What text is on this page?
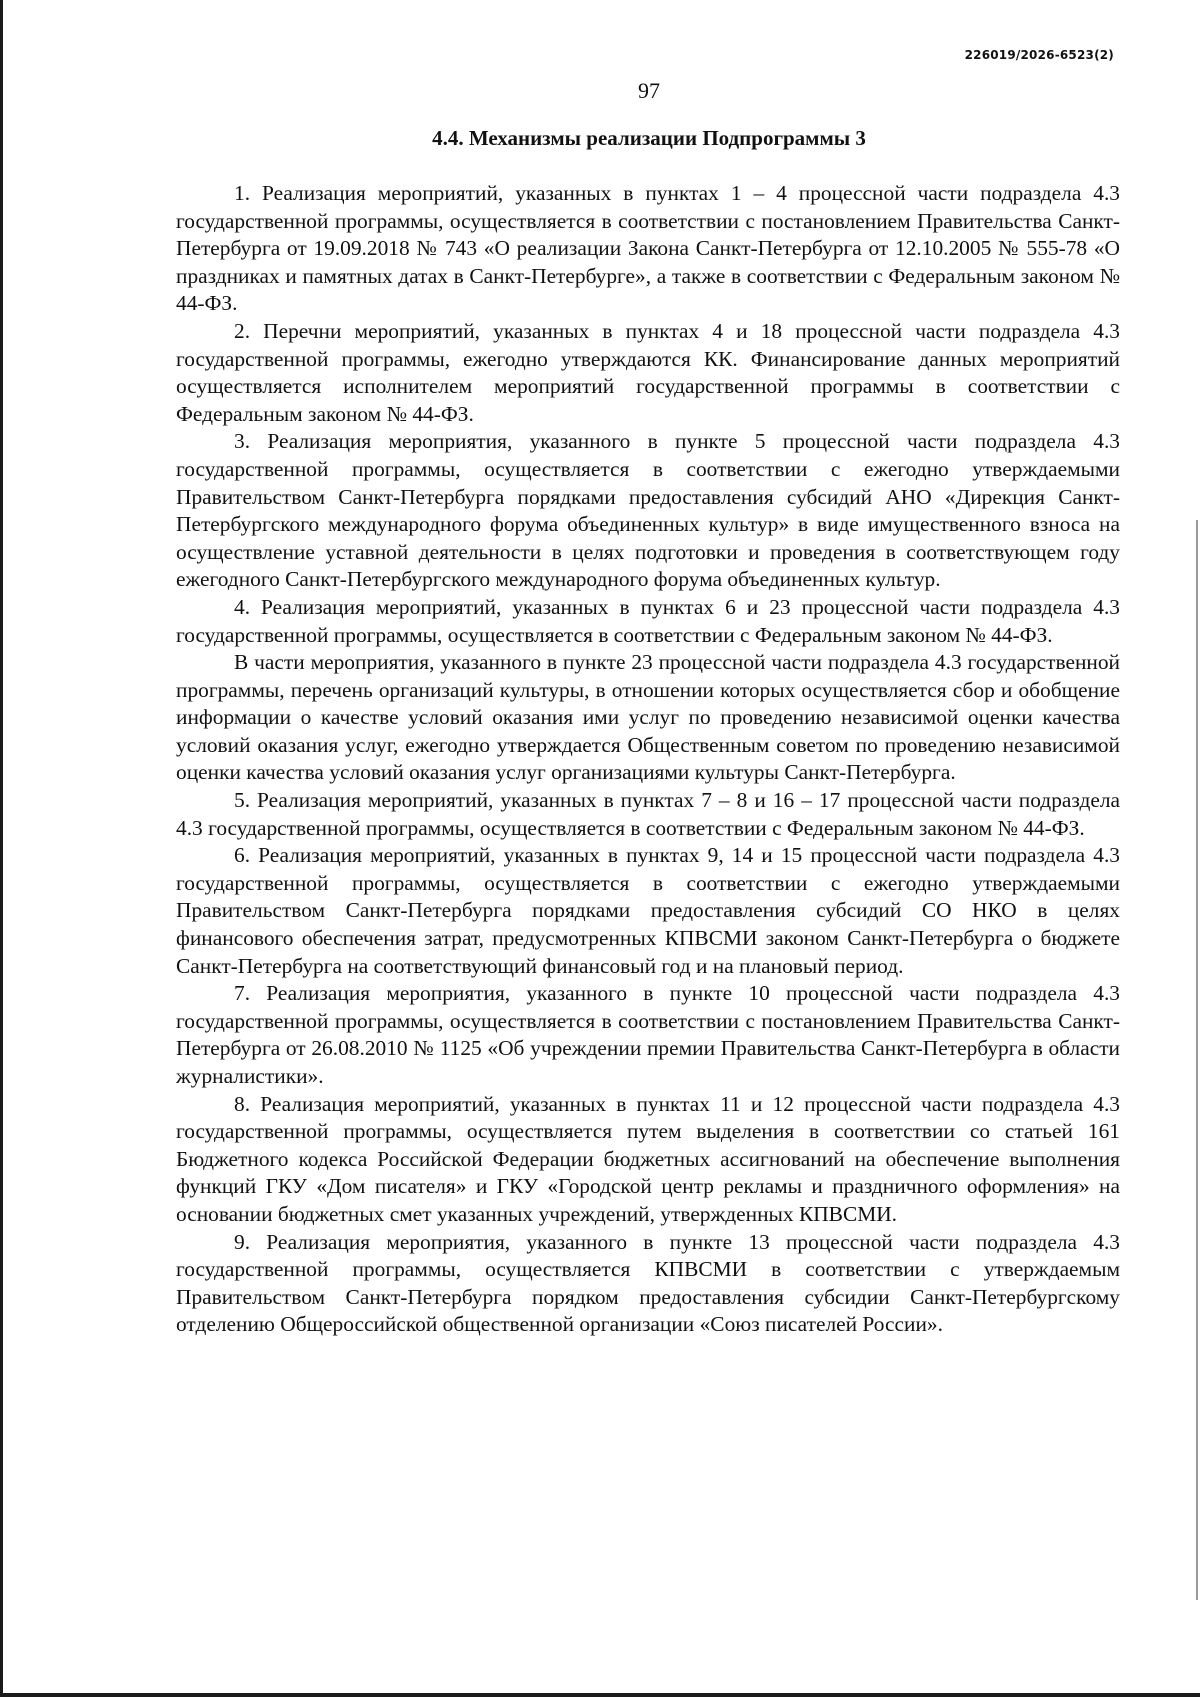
226019/2026-6523(2)
97
4.4. Механизмы реализации Подпрограммы 3

1. Реализация мероприятий, указанных в пунктах 1 – 4 процессной части подраздела 4.3 государственной программы, осуществляется в соответствии с постановлением Правительства Санкт-Петербурга от 19.09.2018 № 743 «О реализации Закона Санкт-Петербурга от 12.10.2005 № 555-78 «О праздниках и памятных датах в Санкт-Петербурге», а также в соответствии с Федеральным законом № 44-ФЗ.

2. Перечни мероприятий, указанных в пунктах 4 и 18 процессной части подраздела 4.3 государственной программы, ежегодно утверждаются КК. Финансирование данных мероприятий осуществляется исполнителем мероприятий государственной программы в соответствии с Федеральным законом № 44-ФЗ.

3. Реализация мероприятия, указанного в пункте 5 процессной части подраздела 4.3 государственной программы, осуществляется в соответствии с ежегодно утверждаемыми Правительством Санкт-Петербурга порядками предоставления субсидий АНО «Дирекция Санкт-Петербургского международного форума объединенных культур» в виде имущественного взноса на осуществление уставной деятельности в целях подготовки и проведения в соответствующем году ежегодного Санкт-Петербургского международного форума объединенных культур.

4. Реализация мероприятий, указанных в пунктах 6 и 23 процессной части подраздела 4.3 государственной программы, осуществляется в соответствии с Федеральным законом № 44-ФЗ.

В части мероприятия, указанного в пункте 23 процессной части подраздела 4.3 государственной программы, перечень организаций культуры, в отношении которых осуществляется сбор и обобщение информации о качестве условий оказания ими услуг по проведению независимой оценки качества условий оказания услуг, ежегодно утверждается Общественным советом по проведению независимой оценки качества условий оказания услуг организациями культуры Санкт-Петербурга.

5. Реализация мероприятий, указанных в пунктах 7 – 8 и 16 – 17 процессной части подраздела 4.3 государственной программы, осуществляется в соответствии с Федеральным законом № 44-ФЗ.

6. Реализация мероприятий, указанных в пунктах 9, 14 и 15 процессной части подраздела 4.3 государственной программы, осуществляется в соответствии с ежегодно утверждаемыми Правительством Санкт-Петербурга порядками предоставления субсидий СО НКО в целях финансового обеспечения затрат, предусмотренных КПВСМИ законом Санкт-Петербурга о бюджете Санкт-Петербурга на соответствующий финансовый год и на плановый период.

7. Реализация мероприятия, указанного в пункте 10 процессной части подраздела 4.3 государственной программы, осуществляется в соответствии с постановлением Правительства Санкт-Петербурга от 26.08.2010 № 1125 «Об учреждении премии Правительства Санкт-Петербурга в области журналистики».

8. Реализация мероприятий, указанных в пунктах 11 и 12 процессной части подраздела 4.3 государственной программы, осуществляется путем выделения в соответствии со статьей 161 Бюджетного кодекса Российской Федерации бюджетных ассигнований на обеспечение выполнения функций ГКУ «Дом писателя» и ГКУ «Городской центр рекламы и праздничного оформления» на основании бюджетных смет указанных учреждений, утвержденных КПВСМИ.

9. Реализация мероприятия, указанного в пункте 13 процессной части подраздела 4.3 государственной программы, осуществляется КПВСМИ в соответствии с утверждаемым Правительством Санкт-Петербурга порядком предоставления субсидии Санкт-Петербургскому отделению Общероссийской общественной организации «Союз писателей России».
